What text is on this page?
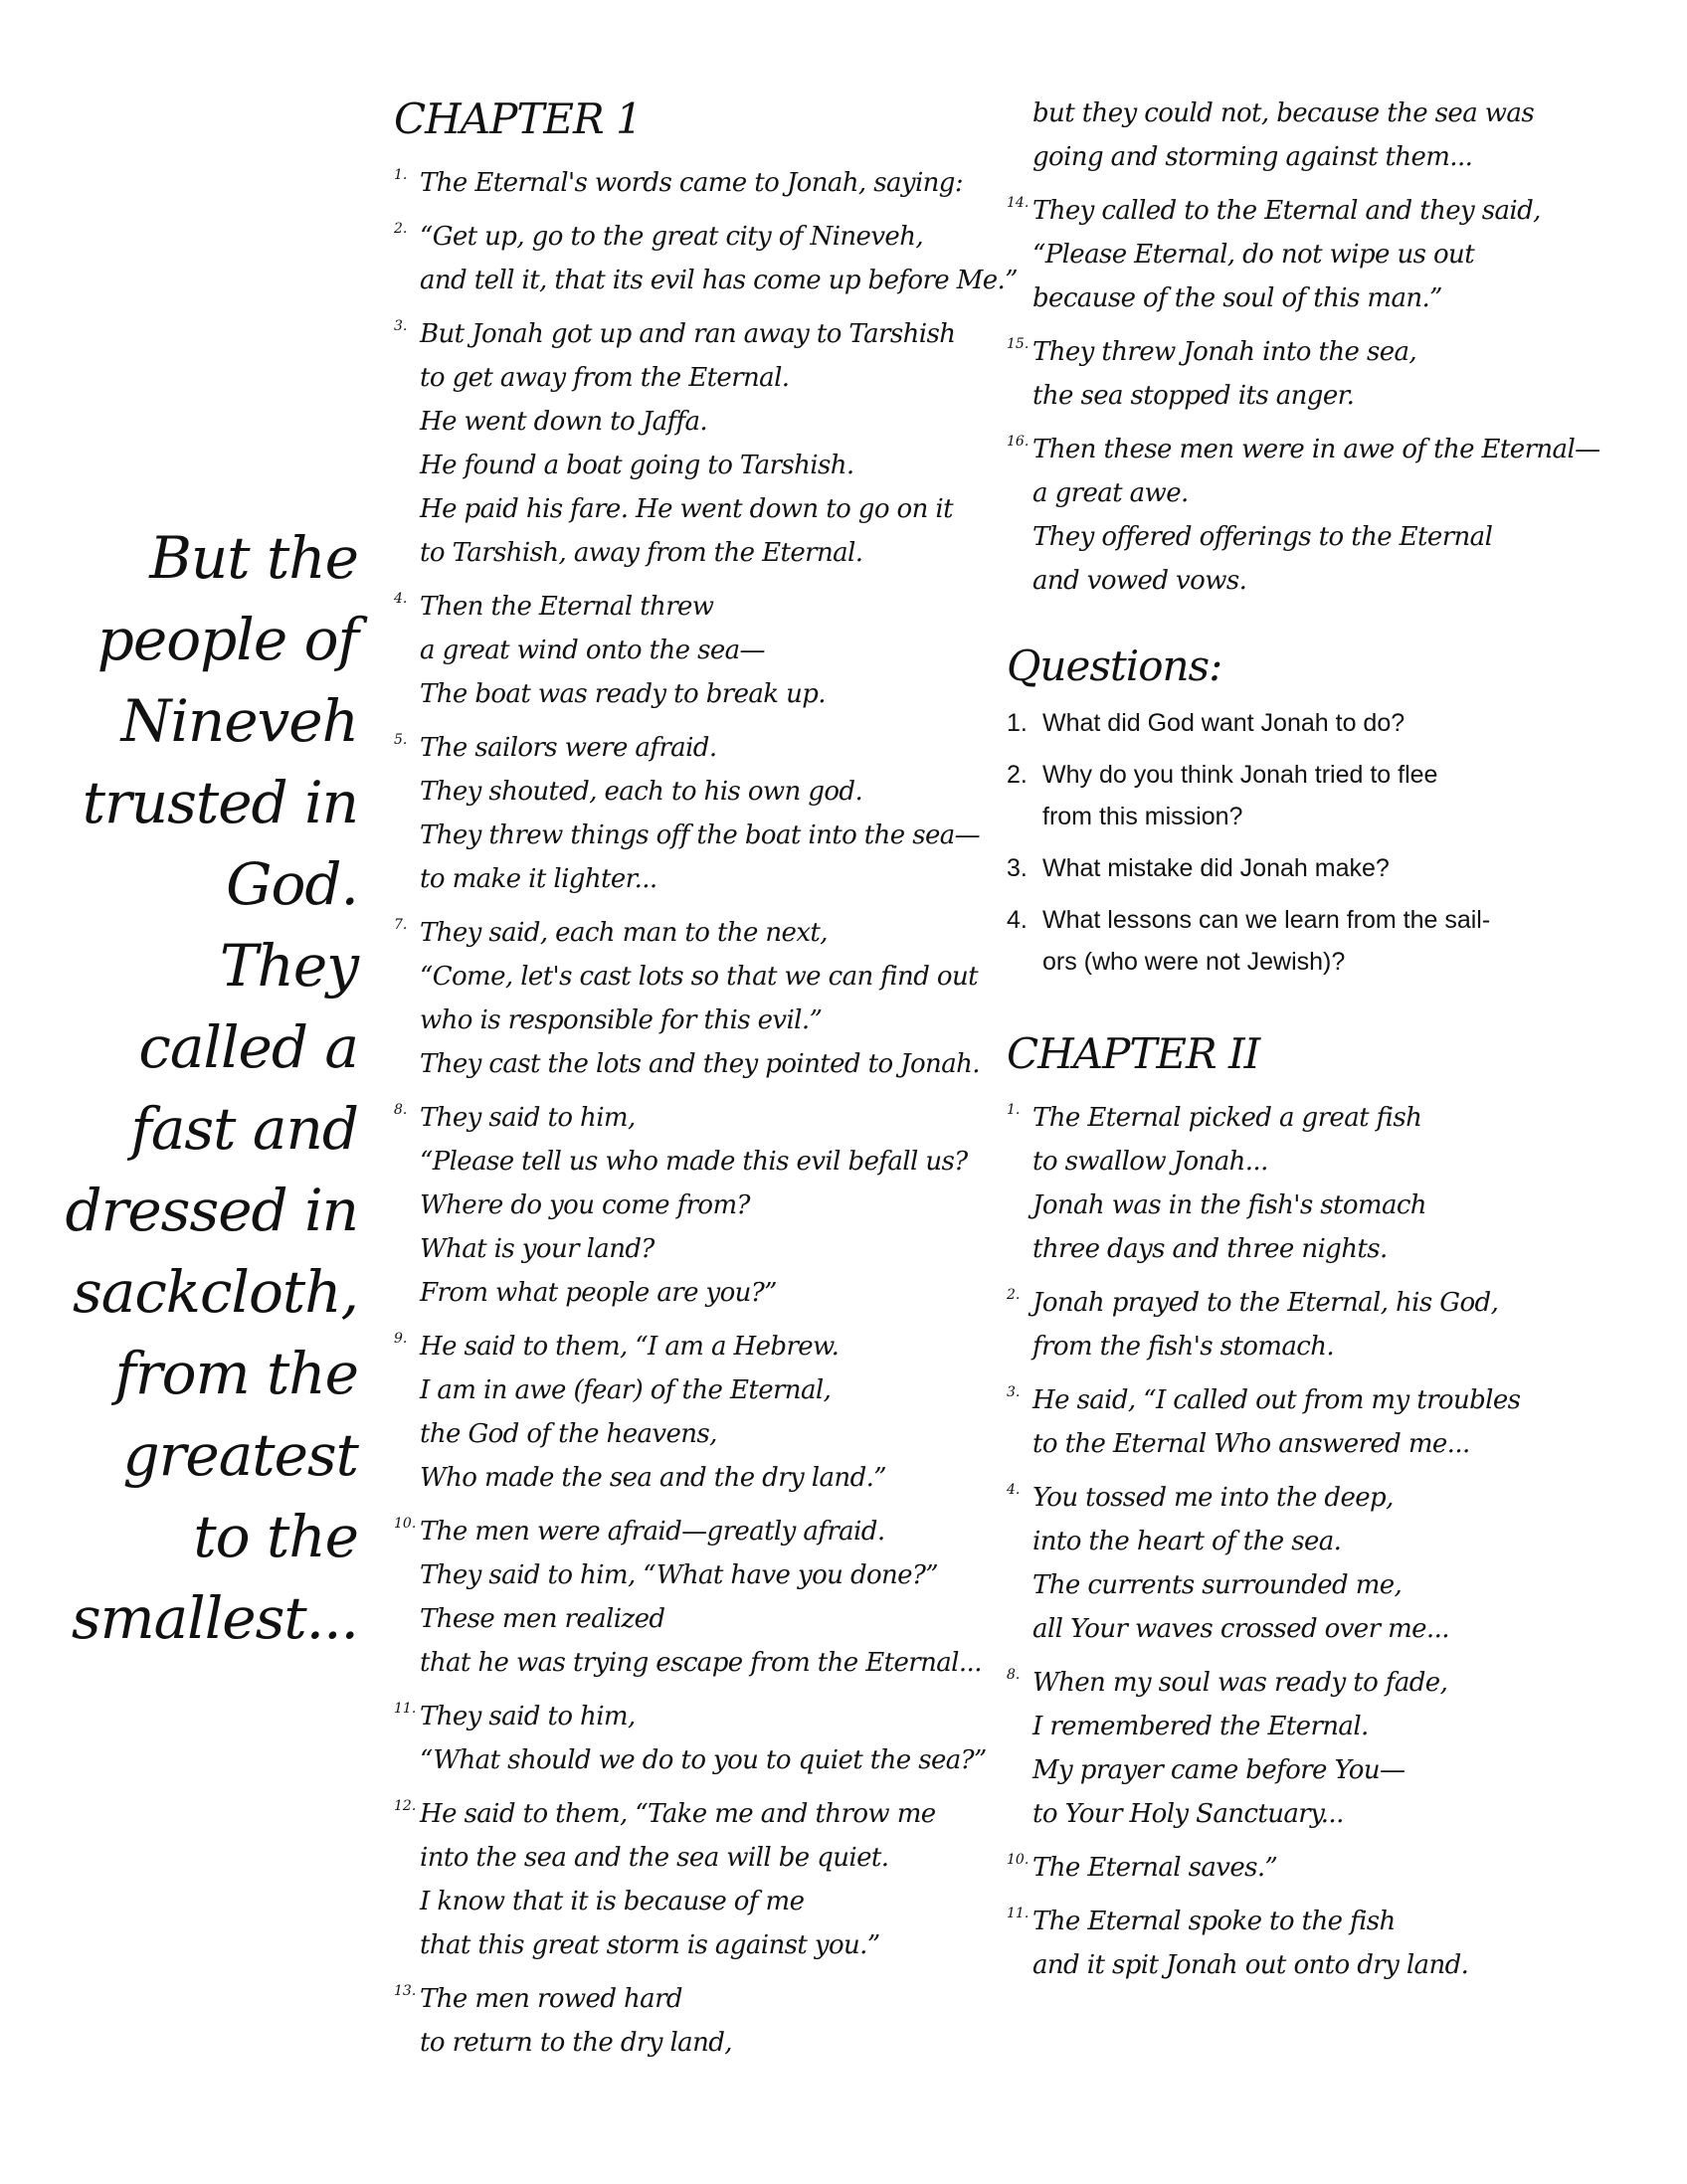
But the
people of
Nineveh
trusted in
God.
They
called a
fast and
dressed in
sackcloth,
from the
greatest
to the
smallest...
CHAPTER 1
1. The Eternal's words came to Jonah, saying:
2. “Get up, go to the great city of Nineveh,
and tell it, that its evil has come up before Me.”
3. But Jonah got up and ran away to Tarshish
to get away from the Eternal.
He went down to Jaffa.
He found a boat going to Tarshish.
He paid his fare. He went down to go on it
to Tarshish, away from the Eternal.
4. Then the Eternal threw
a great wind onto the sea—
The boat was ready to break up.
5. The sailors were afraid.
They shouted, each to his own god.
They threw things off the boat into the sea—
to make it lighter...
7. They said, each man to the next,
“Come, let's cast lots so that we can find out
who is responsible for this evil.”
They cast the lots and they pointed to Jonah.
8. They said to him,
“Please tell us who made this evil befall us?
Where do you come from?
What is your land?
From what people are you?”
9. He said to them, “I am a Hebrew.
I am in awe (fear) of the Eternal,
the God of the heavens,
Who made the sea and the dry land.”
10. The men were afraid—greatly afraid.
They said to him, “What have you done?”
These men realized
that he was trying escape from the Eternal...
11. They said to him,
“What should we do to you to quiet the sea?”
12. He said to them, “Take me and throw me
into the sea and the sea will be quiet.
I know that it is because of me
that this great storm is against you.”
13. The men rowed hard
to return to the dry land,
but they could not, because the sea was
going and storming against them...
14. They called to the Eternal and they said,
“Please Eternal, do not wipe us out
because of the soul of this man.”
15. They threw Jonah into the sea,
the sea stopped its anger.
16. Then these men were in awe of the Eternal—
a great awe.
They offered offerings to the Eternal
and vowed vows.
Questions:
1. What did God want Jonah to do?
2. Why do you think Jonah tried to flee
from this mission?
3. What mistake did Jonah make?
4. What lessons can we learn from the sail-
ors (who were not Jewish)?
CHAPTER II
1. The Eternal picked a great fish
to swallow Jonah...
Jonah was in the fish's stomach
three days and three nights.
2. Jonah prayed to the Eternal, his God,
from the fish's stomach.
3. He said, “I called out from my troubles
to the Eternal Who answered me...
4. You tossed me into the deep,
into the heart of the sea.
The currents surrounded me,
all Your waves crossed over me...
8. When my soul was ready to fade,
I remembered the Eternal.
My prayer came before You—
to Your Holy Sanctuary...
10. The Eternal saves.”
11. The Eternal spoke to the fish
and it spit Jonah out onto dry land.
